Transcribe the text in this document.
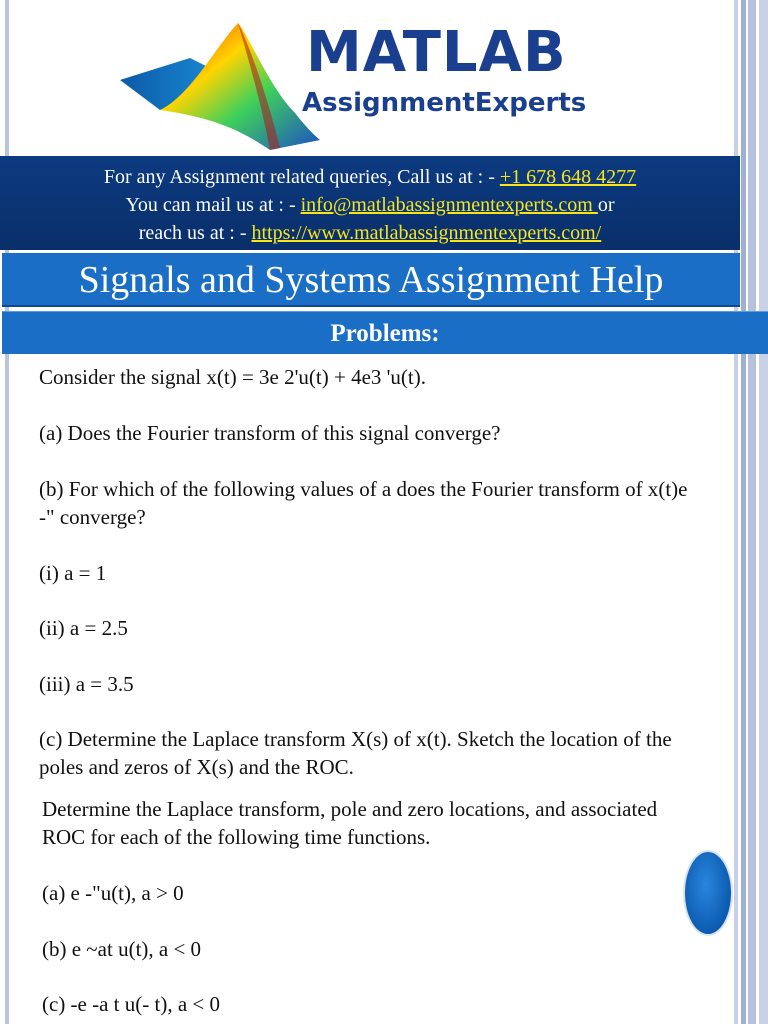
MATLAB
AssignmentExperts
For any Assignment related queries, Call us at : - +1 678 648 4277
You can mail us at : - info@matlabassignmentexperts.com or
reach us at : - https://www.matlabassignmentexperts.com/
Signals and Systems Assignment Help
Problems:
Consider the signal x(t) = 3e 2'u(t) + 4e3 'u(t).
(a) Does the Fourier transform of this signal converge?
(b) For which of the following values of a does the Fourier transform of x(t)e
-" converge?
(i) a = 1
(ii) a = 2.5
(iii) a = 3.5
(c) Determine the Laplace transform X(s) of x(t). Sketch the location of the
poles and zeros of X(s) and the ROC.
Determine the Laplace transform, pole and zero locations, and associated
ROC for each of the following time functions.
(a) e -"u(t), a > 0
(b) e ~at u(t), a < 0
(c) -e -a t u(- t), a < 0
